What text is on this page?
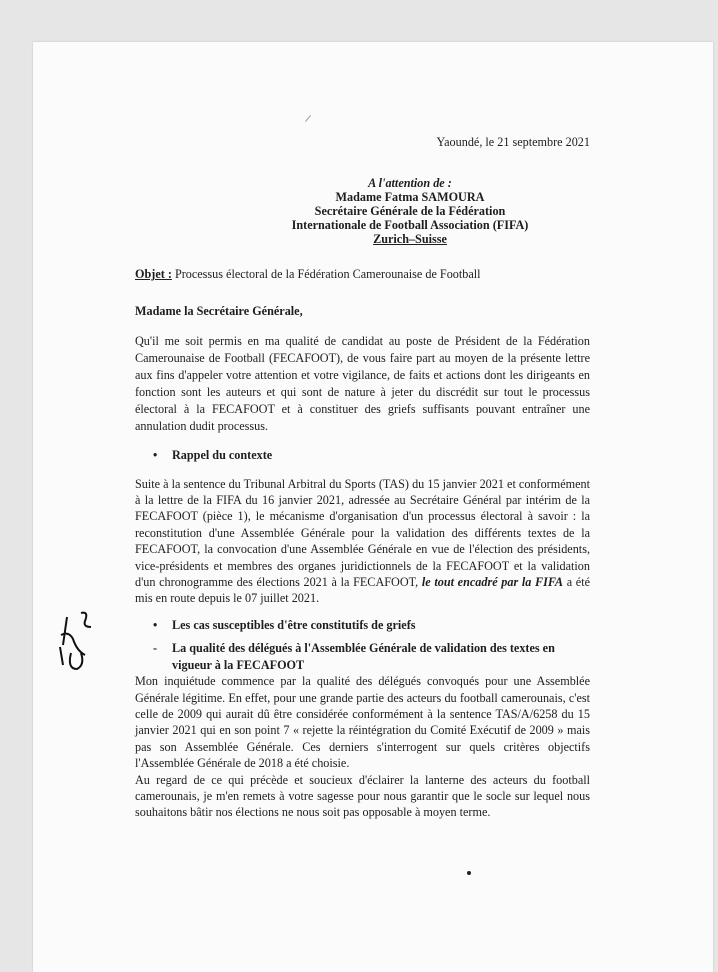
Yaoundé, le 21 septembre 2021
A l'attention de :
Madame Fatma SAMOURA
Secrétaire Générale de la Fédération
Internationale de Football Association (FIFA)
Zurich–Suisse
Objet : Processus électoral de la Fédération Camerounaise de Football
Madame la Secrétaire Générale,
Qu'il me soit permis en ma qualité de candidat au poste de Président de la Fédération Camerounaise de Football (FECAFOOT), de vous faire part au moyen de la présente lettre aux fins d'appeler votre attention et votre vigilance, de faits et actions dont les dirigeants en fonction sont les auteurs et qui sont de nature à jeter du discrédit sur tout le processus électoral à la FECAFOOT et à constituer des griefs suffisants pouvant entraîner une annulation dudit processus.
• Rappel du contexte
Suite à la sentence du Tribunal Arbitral du Sports (TAS) du 15 janvier 2021 et conformément à la lettre de la FIFA du 16 janvier 2021, adressée au Secrétaire Général par intérim de la FECAFOOT (pièce 1), le mécanisme d'organisation d'un processus électoral à savoir : la reconstitution d'une Assemblée Générale pour la validation des différents textes de la FECAFOOT, la convocation d'une Assemblée Générale en vue de l'élection des présidents, vice-présidents et membres des organes juridictionnels de la FECAFOOT et la validation d'un chronogramme des élections 2021 à la FECAFOOT, le tout encadré par la FIFA a été mis en route depuis le 07 juillet 2021.
• Les cas susceptibles d'être constitutifs de griefs
- La qualité des délégués à l'Assemblée Générale de validation des textes en vigueur à la FECAFOOT
Mon inquiétude commence par la qualité des délégués convoqués pour une Assemblée Générale légitime. En effet, pour une grande partie des acteurs du football camerounais, c'est celle de 2009 qui aurait dû être considérée conformément à la sentence TAS/A/6258 du 15 janvier 2021 qui en son point 7 « rejette la réintégration du Comité Exécutif de 2009 » mais pas son Assemblée Générale. Ces derniers s'interrogent sur quels critères objectifs l'Assemblée Générale de 2018 a été choisie.
Au regard de ce qui précède et soucieux d'éclairer la lanterne des acteurs du football camerounais, je m'en remets à votre sagesse pour nous garantir que le socle sur lequel nous souhaitons bâtir nos élections ne nous soit pas opposable à moyen terme.
